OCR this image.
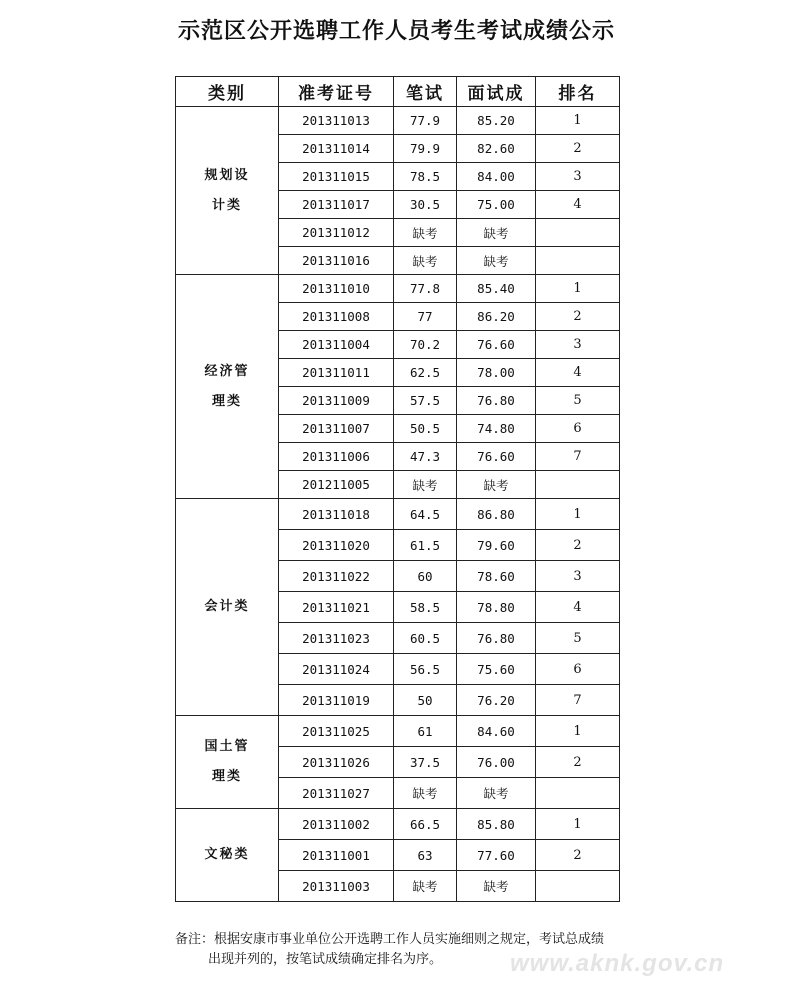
示范区公开选聘工作人员考生考试成绩公示
类别	准考证号	笔试	面试成	排名

规划设
计类	201311013	77.9	85.20	1
	201311014	79.9	82.60	2
	201311015	78.5	84.00	3
	201311017	30.5	75.00	4
	201311012	缺考	缺考	
	201311016	缺考	缺考	

经济管
理类	201311010	77.8	85.40	1
	201311008	77	86.20	2
	201311004	70.2	76.60	3
	201311011	62.5	78.00	4
	201311009	57.5	76.80	5
	201311007	50.5	74.80	6
	201311006	47.3	76.60	7
	201211005	缺考	缺考	

会计类	201311018	64.5	86.80	1
	201311020	61.5	79.60	2
	201311022	60	78.60	3
	201311021	58.5	78.80	4
	201311023	60.5	76.80	5
	201311024	56.5	75.60	6
	201311019	50	76.20	7

国土管
理类	201311025	61	84.60	1
	201311026	37.5	76.00	2
	201311027	缺考	缺考	

文秘类	201311002	66.5	85.80	1
	201311001	63	77.60	2
	201311003	缺考	缺考	
备注：根据安康市事业单位公开选聘工作人员实施细则之规定，考试总成绩
出现并列的，按笔试成绩确定排名为序。	www.aknk.gov.cn
